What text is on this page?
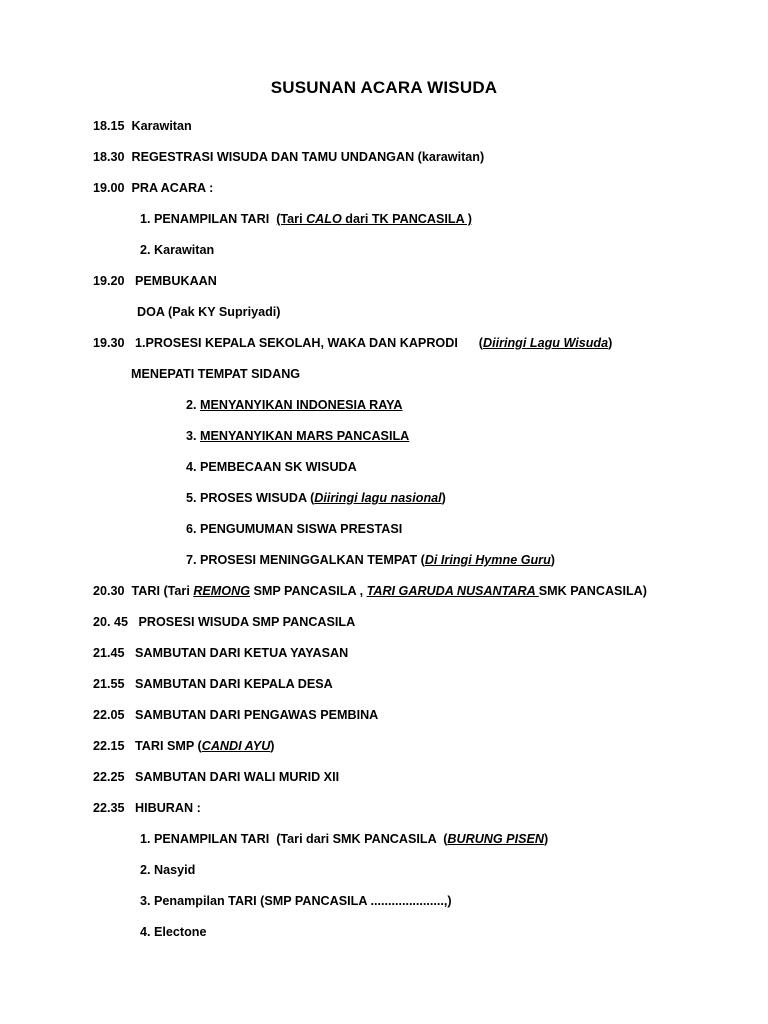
SUSUNAN ACARA WISUDA
18.15  Karawitan
18.30  REGESTRASI WISUDA DAN TAMU UNDANGAN (karawitan)
19.00  PRA ACARA :
1. PENAMPILAN TARI  (Tari CALO dari TK PANCASILA )
2. Karawitan
19.20   PEMBUKAAN
DOA (Pak KY Supriyadi)
19.30   1.PROSESI KEPALA SEKOLAH, WAKA DAN KAPRODI      (Diiringi Lagu Wisuda)
MENEPATI TEMPAT SIDANG
2. MENYANYIKAN INDONESIA RAYA
3. MENYANYIKAN MARS PANCASILA
4. PEMBECAAN SK WISUDA
5. PROSES WISUDA (Diiringi lagu nasional)
6. PENGUMUMAN SISWA PRESTASI
7. PROSESI MENINGGALKAN TEMPAT (Di Iringi Hymne Guru)
20.30  TARI (Tari REMONG SMP PANCASILA , TARI GARUDA NUSANTARA SMK PANCASILA)
20. 45   PROSESI WISUDA SMP PANCASILA
21.45   SAMBUTAN DARI KETUA YAYASAN
21.55   SAMBUTAN DARI KEPALA DESA
22.05   SAMBUTAN DARI PENGAWAS PEMBINA
22.15   TARI SMP (CANDI AYU)
22.25   SAMBUTAN DARI WALI MURID XII
22.35   HIBURAN :
1. PENAMPILAN TARI  (Tari dari SMK PANCASILA  (BURUNG PISEN)
2. Nasyid
3. Penampilan TARI (SMP PANCASILA .....................,)
4. Electone
